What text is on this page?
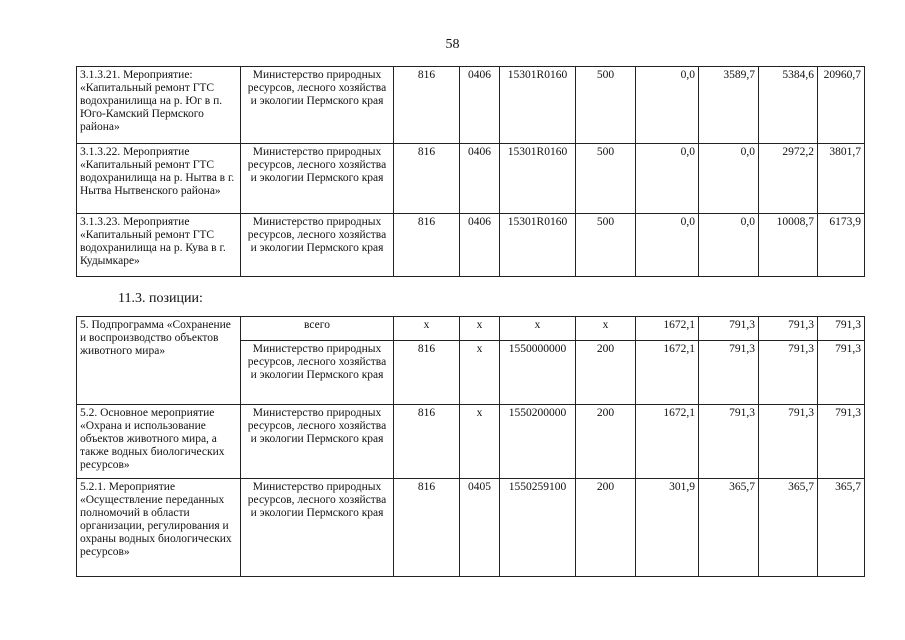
58
3.1.3.21. Мероприятие: «Капитальный ремонт ГТС водохранилища на р. Юг в п. Юго-Камский Пермского района»	Министерство природных ресурсов, лесного хозяйства и экологии Пермского края	816	0406	15301R0160	500	0,0	3589,7	5384,6	20960,7
3.1.3.22. Мероприятие «Капитальный ремонт ГТС водохранилища на р. Нытва в г. Нытва Нытвенского района»	Министерство природных ресурсов, лесного хозяйства и экологии Пермского края	816	0406	15301R0160	500	0,0	0,0	2972,2	3801,7
3.1.3.23. Мероприятие «Капитальный ремонт ГТС водохранилища на р. Кува в г. Кудымкаре»	Министерство природных ресурсов, лесного хозяйства и экологии Пермского края	816	0406	15301R0160	500	0,0	0,0	10008,7	6173,9
11.3. позиции:
5. Подпрограмма «Сохранение и воспроизводство объектов животного мира»	всего	х	х	х	х	1672,1	791,3	791,3	791,3
	Министерство природных ресурсов, лесного хозяйства и экологии Пермского края	816	х	1550000000	200	1672,1	791,3	791,3	791,3
5.2. Основное мероприятие «Охрана и использование объектов животного мира, а также водных биологических ресурсов»	Министерство природных ресурсов, лесного хозяйства и экологии Пермского края	816	х	1550200000	200	1672,1	791,3	791,3	791,3
5.2.1. Мероприятие «Осуществление переданных полномочий в области организации, регулирования и охраны водных биологических ресурсов»	Министерство природных ресурсов, лесного хозяйства и экологии Пермского края	816	0405	1550259100	200	301,9	365,7	365,7	365,7
